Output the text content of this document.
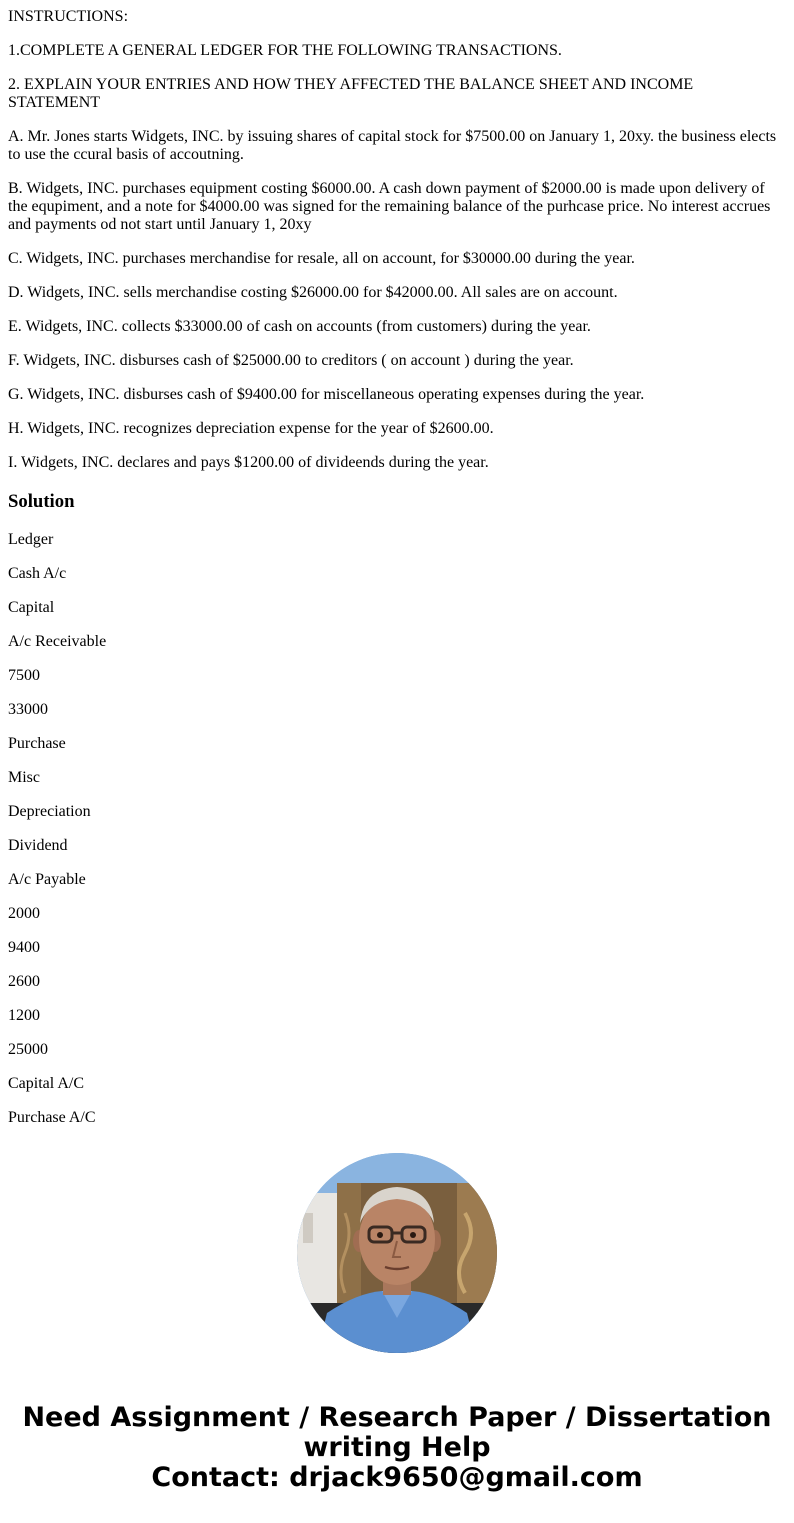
INSTRUCTIONS:

1.COMPLETE A GENERAL LEDGER FOR THE FOLLOWING TRANSACTIONS.

2. EXPLAIN YOUR ENTRIES AND HOW THEY AFFECTED THE BALANCE SHEET AND INCOME STATEMENT

A. Mr. Jones starts Widgets, INC. by issuing shares of capital stock for $7500.00 on January 1, 20xy. the business elects to use the ccural basis of accoutning.

B. Widgets, INC. purchases equipment costing $6000.00. A cash down payment of $2000.00 is made upon delivery of the equpiment, and a note for $4000.00 was signed for the remaining balance of the purhcase price. No interest accrues and payments od not start until January 1, 20xy

C. Widgets, INC. purchases merchandise for resale, all on account, for $30000.00 during the year.

D. Widgets, INC. sells merchandise costing $26000.00 for $42000.00. All sales are on account.

E. Widgets, INC. collects $33000.00 of cash on accounts (from customers) during the year.

F. Widgets, INC. disburses cash of $25000.00 to creditors ( on account ) during the year.

G. Widgets, INC. disburses cash of $9400.00 for miscellaneous operating expenses during the year.

H. Widgets, INC. recognizes depreciation expense for the year of $2600.00.

I. Widgets, INC. declares and pays $1200.00 of divideends during the year.

Solution

Ledger

Cash A/c

Capital

A/c Receivable

7500

33000

Purchase

Misc

Depreciation

Dividend

A/c Payable

2000

9400

2600

1200

25000

Capital A/C

Purchase A/C

Need Assignment / Research Paper / Dissertation
writing Help
Contact: drjack9650@gmail.com
